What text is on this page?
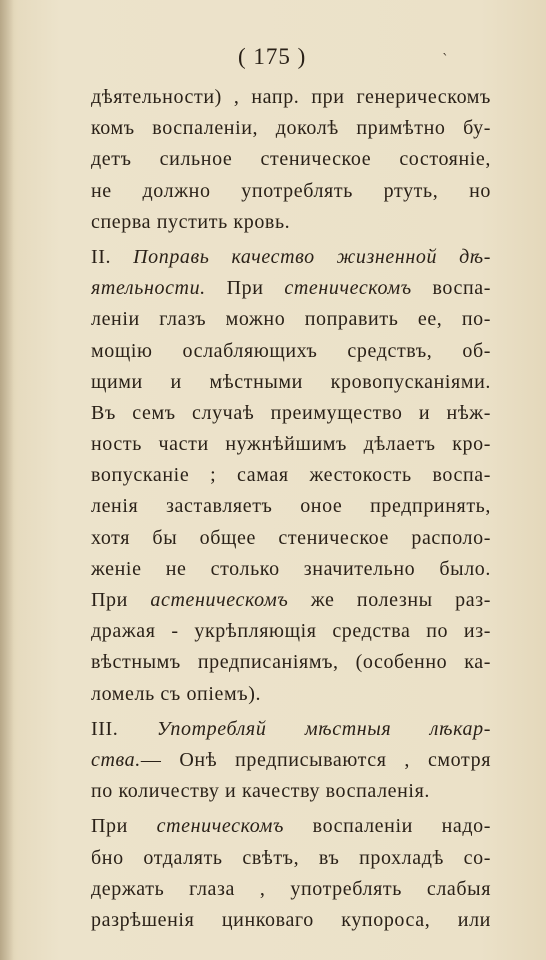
( 175 )	ˋ
дѣятельности) , напр. при генерическомъ
комъ воспаленіи, доколѣ примѣтно бу-
детъ сильное стеническое состояніе,
не должно употреблять ртуть, но
сперва пустить кровь.
II. Поправь качество жизненной дѣ-
ятельности. При стеническомъ воспа-
леніи глазъ можно поправить ее, по-
мощію ослабляющихъ средствъ, об-
щими и мѣстными кровопусканіями.
Въ семъ случаѣ преимущество и нѣж-
ность части нужнѣйшимъ дѣлаетъ кро-
вопусканіе ; самая жестокость воспа-
ленія заставляетъ оное предпринять,
хотя бы общее стеническое располо-
женіе не столько значительно было.
При астеническомъ же полезны раз-
дражая - укрѣпляющія средства по из-
вѣстнымъ предписаніямъ, (особенно ка-
ломель съ опіемъ).
III. Употребляй мѣстныя лѣкар-
ства.— Онѣ предписываются , смотря
по количеству и качеству воспаленія.
При стеническомъ воспаленіи надо-
бно отдалять свѣтъ, въ прохладѣ со-
держать глаза , употреблять слабыя
разрѣшенія цинковаго купороса, или
